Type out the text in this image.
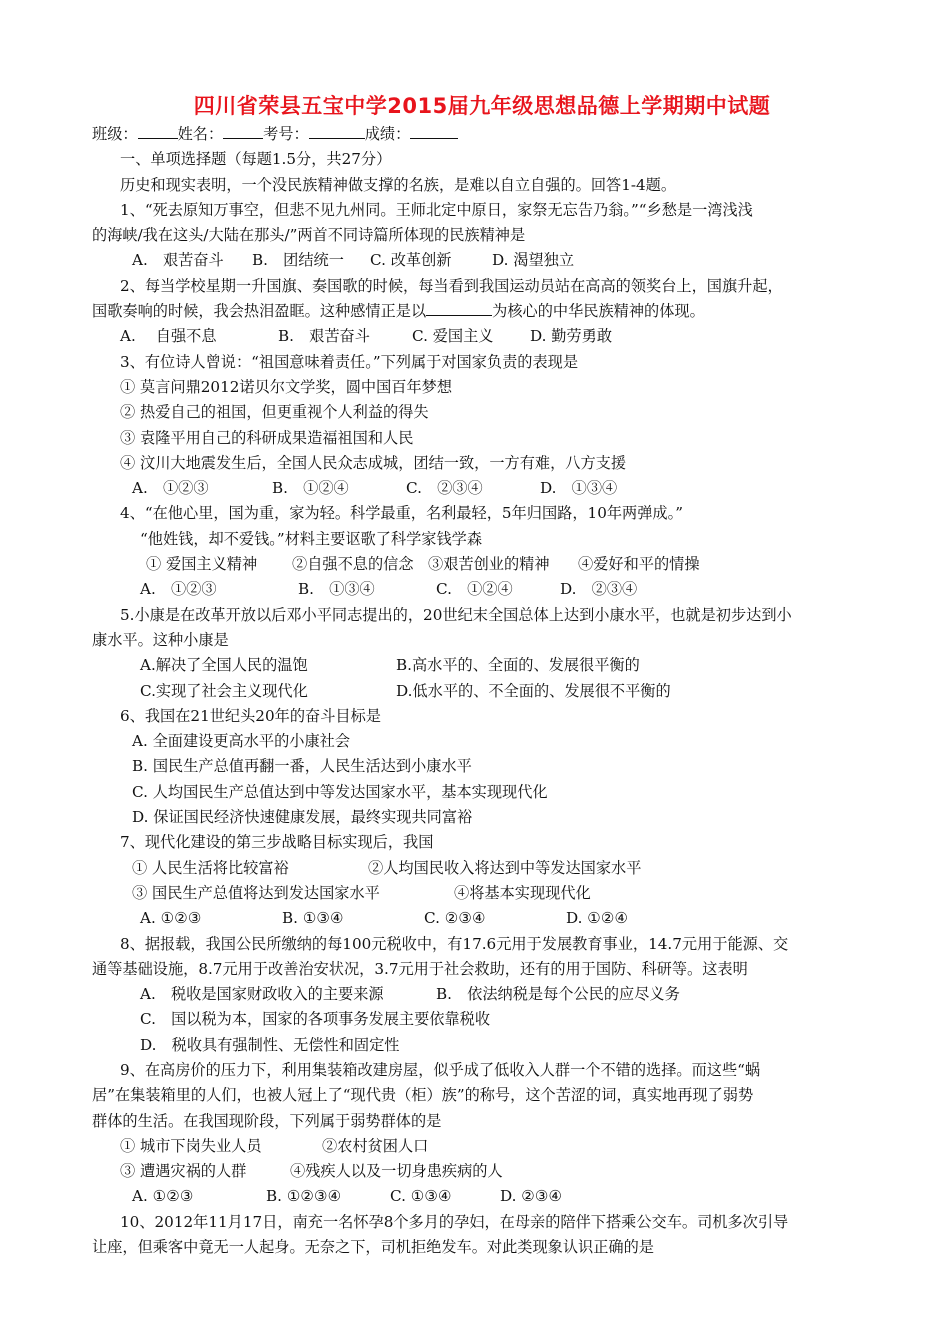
四川省荣县五宝中学2015届九年级思想品德上学期期中试题
班级：	姓名：	考号：	成绩：
一、单项选择题（每题1.5分，共27分）
历史和现实表明，一个没民族精神做支撑的名族，是难以自立自强的。回答1-4题。
1、“死去原知万事空，但悲不见九州同。王师北定中原日，家祭无忘告乃翁。”“乡愁是一湾浅浅
的海峡/我在这头/大陆在那头/”两首不同诗篇所体现的民族精神是
A.　艰苦奋斗 B.　团结统一 C. 改革创新	D. 渴望独立
2、每当学校星期一升国旗、奏国歌的时候，每当看到我国运动员站在高高的领奖台上，国旗升起，
国歌奏响的时候，我会热泪盈眶。这种感情正是以	为核心的中华民族精神的体现。
A.　 自强不息	B.　艰苦奋斗	C. 爱国主义 D. 勤劳勇敢
3、有位诗人曾说：“祖国意味着责任。”下列属于对国家负责的表现是
① 莫言问鼎2012诺贝尔文学奖，圆中国百年梦想
② 热爱自己的祖国，但更重视个人利益的得失
③ 袁隆平用自己的科研成果造福祖国和人民
④ 汶川大地震发生后，全国人民众志成城，团结一致，一方有难，八方支援
A.　①②③	B.　①②④	C.　②③④	D.　①③④
4、“在他心里，国为重，家为轻。科学最重，名利最轻，5年归国路，10年两弹成。”
“他姓钱，却不爱钱。”材料主要讴歌了科学家钱学森
① 爱国主义精神 ②自强不息的信念 ③艰苦创业的精神 ④爱好和平的情操
A.　①②③	B.　①③④	C.　①②④	D.　②③④
5.小康是在改革开放以后邓小平同志提出的，20世纪末全国总体上达到小康水平，也就是初步达到小
康水平。这种小康是
A.解决了全国人民的温饱	B.高水平的、全面的、发展很平衡的
C.实现了社会主义现代化	D.低水平的、不全面的、发展很不平衡的
6、我国在21世纪头20年的奋斗目标是
A. 全面建设更高水平的小康社会
B. 国民生产总值再翻一番，人民生活达到小康水平
C. 人均国民生产总值达到中等发达国家水平，基本实现现代化
D. 保证国民经济快速健康发展，最终实现共同富裕
7、现代化建设的第三步战略目标实现后，我国
① 人民生活将比较富裕	②人均国民收入将达到中等发达国家水平
③ 国民生产总值将达到发达国家水平	④将基本实现现代化
A. ①②③	B. ①③④	C. ②③④	D. ①②④
8、据报载，我国公民所缴纳的每100元税收中，有17.6元用于发展教育事业，14.7元用于能源、交
通等基础设施，8.7元用于改善治安状况，3.7元用于社会救助，还有的用于国防、科研等。这表明
A.　税收是国家财政收入的主要来源	B.　依法纳税是每个公民的应尽义务
C.　国以税为本，国家的各项事务发展主要依靠税收
D.　税收具有强制性、无偿性和固定性
9、在高房价的压力下，利用集装箱改建房屋，似乎成了低收入人群一个不错的选择。而这些“蜗
居”在集装箱里的人们，也被人冠上了“现代贵（柜）族”的称号，这个苦涩的词，真实地再现了弱势
群体的生活。在我国现阶段，下列属于弱势群体的是
① 城市下岗失业人员	②农村贫困人口
③ 遭遇灾祸的人群	④残疾人以及一切身患疾病的人
A. ①②③	B. ①②③④	C. ①③④	D. ②③④
10、2012年11月17日，南充一名怀孕8个多月的孕妇，在母亲的陪伴下搭乘公交车。司机多次引导
让座，但乘客中竟无一人起身。无奈之下，司机拒绝发车。对此类现象认识正确的是
